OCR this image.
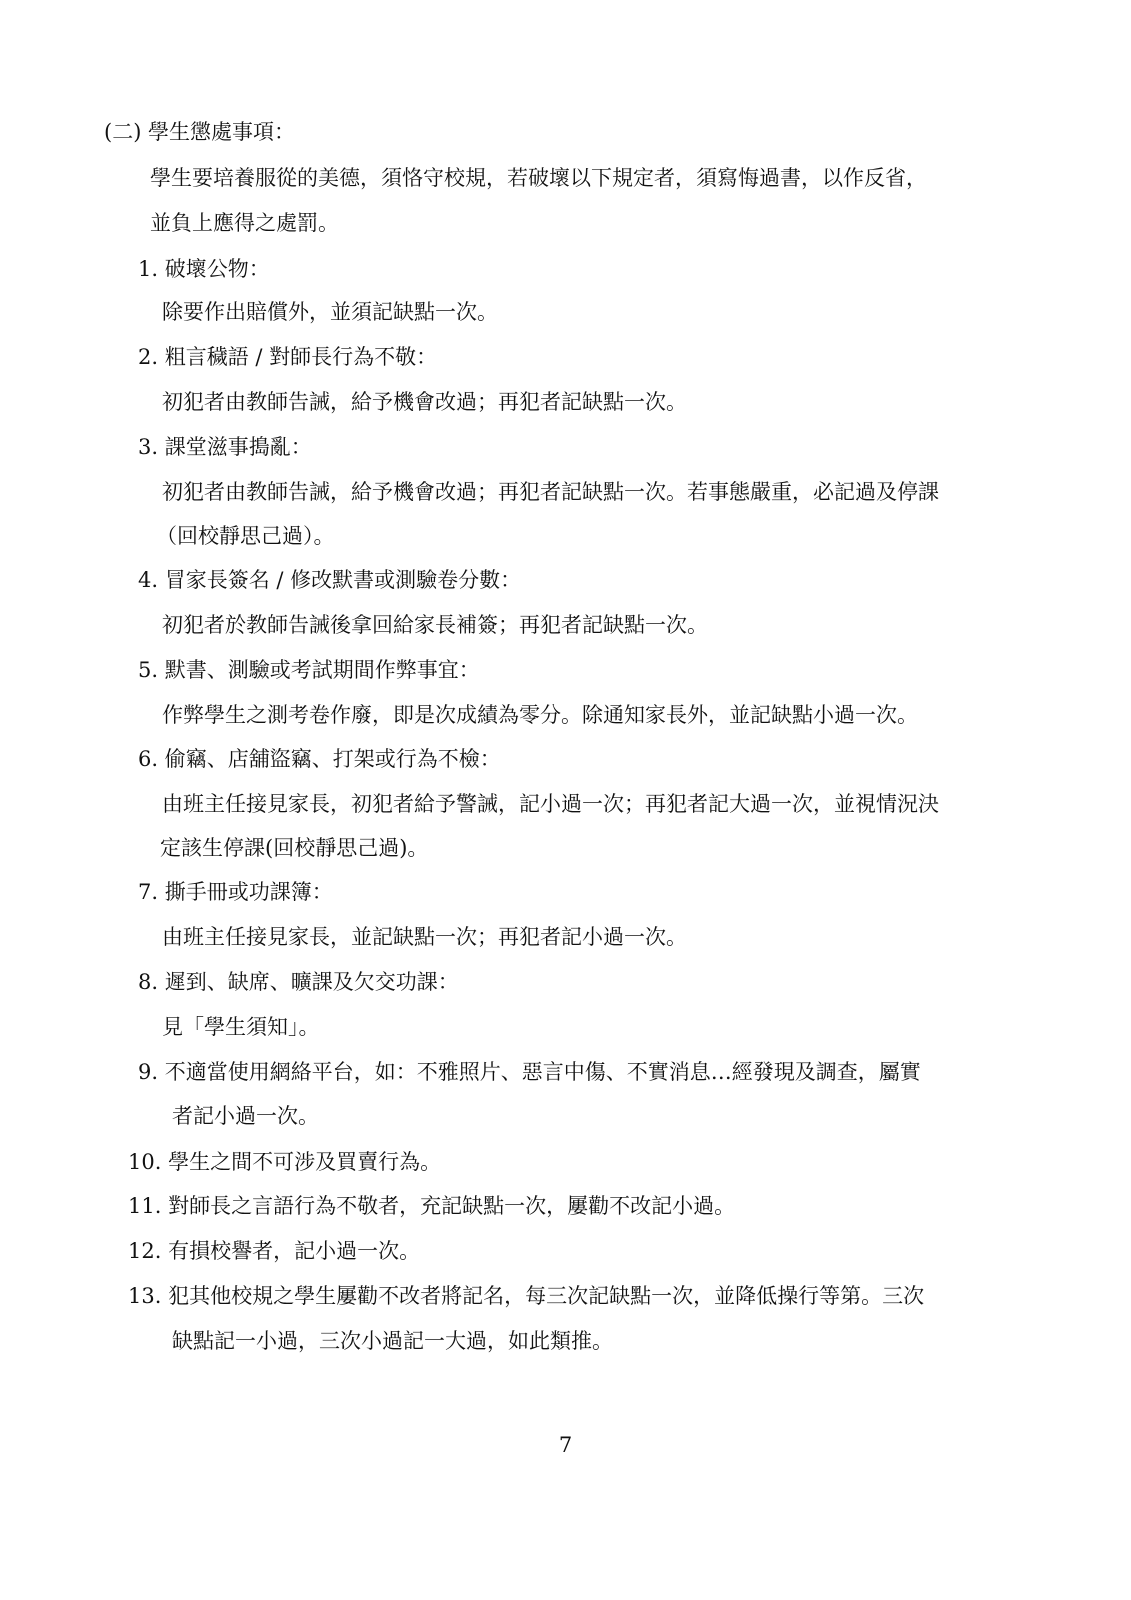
(二) 學生懲處事項：
學生要培養服從的美德，須恪守校規，若破壞以下規定者，須寫悔過書，以作反省，
並負上應得之處罰。
1. 破壞公物：
除要作出賠償外，並須記缺點一次。
2. 粗言穢語 / 對師長行為不敬：
初犯者由教師告誡，給予機會改過；再犯者記缺點一次。
3. 課堂滋事搗亂：
初犯者由教師告誡，給予機會改過；再犯者記缺點一次。若事態嚴重，必記過及停課
（回校靜思己過）。
4. 冒家長簽名 / 修改默書或測驗卷分數：
初犯者於教師告誡後拿回給家長補簽；再犯者記缺點一次。
5. 默書、測驗或考試期間作弊事宜：
作弊學生之測考卷作廢，即是次成績為零分。除通知家長外，並記缺點小過一次。
6. 偷竊、店舖盜竊、打架或行為不檢：
由班主任接見家長，初犯者給予警誡，記小過一次；再犯者記大過一次，並視情況決
定該生停課(回校靜思己過)。
7. 撕手冊或功課簿：
由班主任接見家長，並記缺點一次；再犯者記小過一次。
8. 遲到、缺席、曠課及欠交功課：
見「學生須知」。
9. 不適當使用網絡平台，如：不雅照片、惡言中傷、不實消息…經發現及調查，屬實
者記小過一次。
10. 學生之間不可涉及買賣行為。
11. 對師長之言語行為不敬者，充記缺點一次，屢勸不改記小過。
12. 有損校譽者，記小過一次。
13. 犯其他校規之學生屢勸不改者將記名，每三次記缺點一次，並降低操行等第。三次
缺點記一小過，三次小過記一大過，如此類推。
7
